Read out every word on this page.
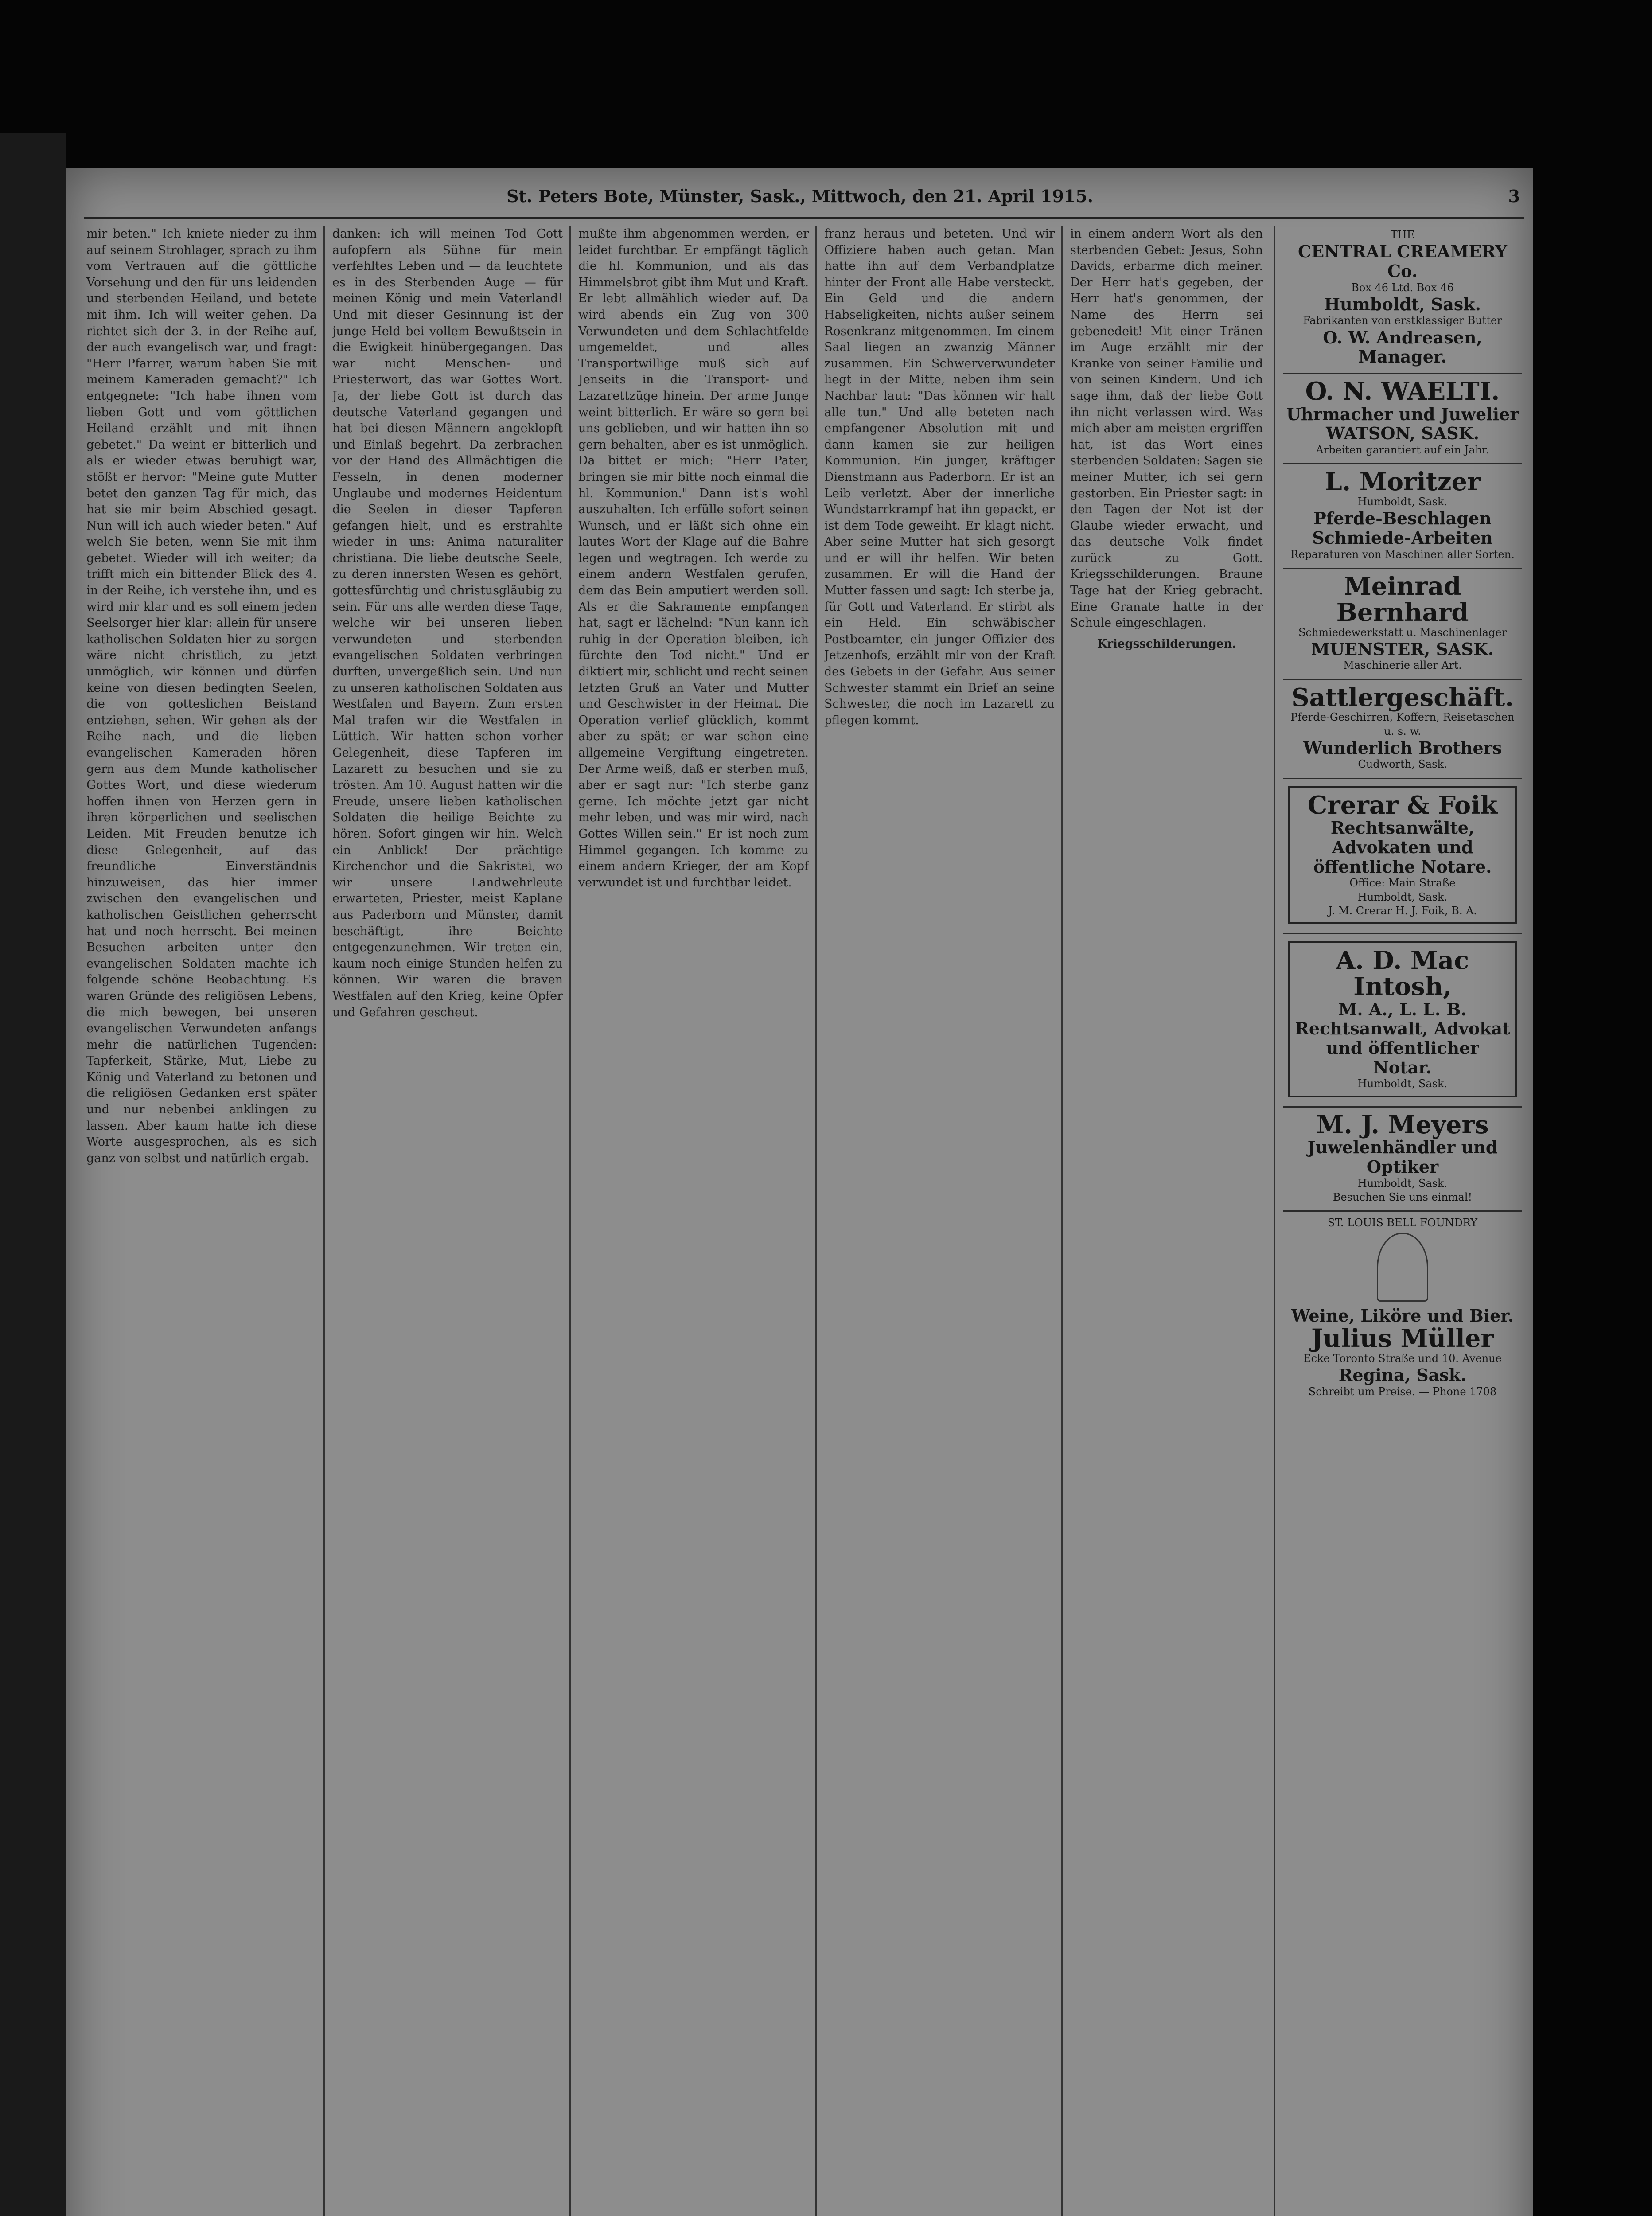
St. Peters Bote, Münster, Sask., Mittwoch, den 21. April 1915.	3

mir beten." Ich kniete nieder zu ihm auf seinem Strohlager, sprach zu ihm vom Vertrauen auf die göttliche Vorsehung und den für uns leidenden und sterbenden Heiland, und betete mit ihm. Ich will weiter gehen. Da richtet sich der 3. in der Reihe auf, der auch evangelisch war, und fragt: "Herr Pfarrer, warum haben Sie mit meinem Kameraden gemacht?" Ich entgegnete: "Ich habe ihnen vom lieben Gott und vom göttlichen Heiland erzählt und mit ihnen gebetet." Da weint er bitterlich und als er wieder etwas beruhigt war, stößt er hervor: "Meine gute Mutter betet den ganzen Tag für mich, das hat sie mir beim Abschied gesagt. Nun will ich auch wieder beten." Auf welch Sie beten, wenn Sie mit ihm gebetet. Wieder will ich weiter; da trifft mich ein bittender Blick des 4. in der Reihe, ich verstehe ihn, und es wird mir klar und es soll einem jeden Seelsorger hier klar: allein für unsere katholischen Soldaten hier zu sorgen wäre nicht christlich, zu jetzt unmöglich, wir können und dürfen keine von diesen bedingten Seelen, die von gotteslichen Beistand entziehen, sehen. Wir gehen als der Reihe nach, und die lieben evangelischen Kameraden hören gern aus dem Munde katholischer Gottes Wort, und diese wiederum hoffen ihnen von Herzen gern in ihren körperlichen und seelischen Leiden. Mit Freuden benutze ich diese Gelegenheit, auf das freundliche Einverständnis hinzuweisen, das hier immer zwischen den evangelischen und katholischen Geistlichen geherrscht hat und noch herrscht. Bei meinen Besuchen arbeiten unter den evangelischen Soldaten machte ich folgende schöne Beobachtung. Es waren Gründe des religiösen Lebens, die mich bewegen, bei unseren evangelischen Verwundeten anfangs mehr die natürlichen Tugenden: Tapferkeit, Stärke, Mut, Liebe zu König und Vaterland zu betonen und die religiösen Gedanken erst später und nur nebenbei anklingen zu lassen. Aber kaum hatte ich diese Worte ausgesprochen, als es sich ganz von selbst und natürlich ergab.

danken: ich will meinen Tod Gott aufopfern als Sühne für mein verfehltes Leben und — da leuchtete es in des Sterbenden Auge — für meinen König und mein Vaterland! Und mit dieser Gesinnung ist der junge Held bei vollem Bewußtsein in die Ewigkeit hinübergegangen. Das war nicht Menschen- und Priesterwort, das war Gottes Wort. Ja, der liebe Gott ist durch das deutsche Vaterland gegangen und hat bei diesen Männern angeklopft und Einlaß begehrt. Da zerbrachen vor der Hand des Allmächtigen die Fesseln, in denen moderner Unglaube und modernes Heidentum die Seelen in dieser Tapferen gefangen hielt, und es erstrahlte wieder in uns: Anima naturaliter christiana. Die liebe deutsche Seele, zu deren innersten Wesen es gehört, gottesfürchtig und christusgläubig zu sein. Für uns alle werden diese Tage, welche wir bei unseren lieben verwundeten und sterbenden evangelischen Soldaten verbringen durften, unvergeßlich sein. Und nun zu unseren katholischen Soldaten aus Westfalen und Bayern. Zum ersten Mal trafen wir die Westfalen in Lüttich. Wir hatten schon vorher Gelegenheit, diese Tapferen im Lazarett zu besuchen und sie zu trösten. Am 10. August hatten wir die Freude, unsere lieben katholischen Soldaten die heilige Beichte zu hören. Sofort gingen wir hin. Welch ein Anblick! Der prächtige Kirchenchor und die Sakristei, wo wir unsere Landwehrleute erwarteten, Priester, meist Kaplane aus Paderborn und Münster, damit beschäftigt, ihre Beichte entgegenzunehmen. Wir treten ein, kaum noch einige Stunden helfen zu können. Wir waren die braven Westfalen auf den Krieg, keine Opfer und Gefahren gescheut.

mußte ihm abgenommen werden, er leidet furchtbar. Er empfängt täglich die hl. Kommunion, und als das Himmelsbrot gibt ihm Mut und Kraft. Er lebt allmählich wieder auf. Da wird abends ein Zug von 300 Verwundeten und dem Schlachtfelde umgemeldet, und alles Transportwillige muß sich auf Jenseits in die Transport- und Lazarettzüge hinein. Der arme Junge weint bitterlich. Er wäre so gern bei uns geblieben, und wir hatten ihn so gern behalten, aber es ist unmöglich. Da bittet er mich: "Herr Pater, bringen sie mir bitte noch einmal die hl. Kommunion." Dann ist's wohl auszuhalten. Ich erfülle sofort seinen Wunsch, und er läßt sich ohne ein lautes Wort der Klage auf die Bahre legen und wegtragen. Ich werde zu einem andern Westfalen gerufen, dem das Bein amputiert werden soll. Als er die Sakramente empfangen hat, sagt er lächelnd: "Nun kann ich ruhig in der Operation bleiben, ich fürchte den Tod nicht." Und er diktiert mir, schlicht und recht seinen letzten Gruß an Vater und Mutter und Geschwister in der Heimat. Die Operation verlief glücklich, kommt aber zu spät; er war schon eine allgemeine Vergiftung eingetreten. Der Arme weiß, daß er sterben muß, aber er sagt nur: "Ich sterbe ganz gerne. Ich möchte jetzt gar nicht mehr leben, und was mir wird, nach Gottes Willen sein." Er ist noch zum Himmel gegangen. Ich komme zu einem andern Krieger, der am Kopf verwundet ist und furchtbar leidet.

franz heraus und beteten. Und wir Offiziere haben auch getan. Man hatte ihn auf dem Verbandplatze hinter der Front alle Habe versteckt. Ein Geld und die andern Habseligkeiten, nichts außer seinem Rosenkranz mitgenommen. Im einem Saal liegen an zwanzig Männer zusammen. Ein Schwerverwundeter liegt in der Mitte, neben ihm sein Nachbar laut: "Das können wir halt alle tun." Und alle beteten nach empfangener Absolution mit und dann kamen sie zur heiligen Kommunion. Ein junger, kräftiger Dienstmann aus Paderborn. Er ist an Leib verletzt. Aber der innerliche Wundstarrkrampf hat ihn gepackt, er ist dem Tode geweiht. Er klagt nicht. Aber seine Mutter hat sich gesorgt und er will ihr helfen. Wir beten zusammen. Er will die Hand der Mutter fassen und sagt: Ich sterbe ja, für Gott und Vaterland. Er stirbt als ein Held. Ein schwäbischer Postbeamter, ein junger Offizier des Jetzenhofs, erzählt mir von der Kraft des Gebets in der Gefahr. Aus seiner Schwester stammt ein Brief an seine Schwester, die noch im Lazarett zu pflegen kommt.

in einem andern Wort als den sterbenden Gebet: Jesus, Sohn Davids, erbarme dich meiner. Der Herr hat's gegeben, der Herr hat's genommen, der Name des Herrn sei gebenedeit! Mit einer Tränen im Auge erzählt mir der Kranke von seiner Familie und von seinen Kindern. Und ich sage ihm, daß der liebe Gott ihn nicht verlassen wird. Was mich aber am meisten ergriffen hat, ist das Wort eines sterbenden Soldaten: Sagen sie meiner Mutter, ich sei gern gestorben. Ein Priester sagt: in den Tagen der Not ist der Glaube wieder erwacht, und das deutsche Volk findet zurück zu Gott. Kriegsschilderungen. Braune Tage hat der Krieg gebracht. Eine Granate hatte in der Schule eingeschlagen.

Kriegsschilderungen.
THE
CENTRAL CREAMERY Co.
Box 46 Ltd. Box 46
Humboldt, Sask.
Fabrikanten von erstklassiger Butter
O. W. Andreasen, Manager.
O. N. WAELTI.
Uhrmacher und Juwelier
WATSON, SASK.
Arbeiten garantiert auf ein Jahr.
L. Moritzer
Humboldt, Sask.
Pferde-Beschlagen
Schmiede-Arbeiten
Reparaturen von Maschinen aller Sorten.
Meinrad Bernhard
Schmiedewerkstatt u. Maschinenlager
MUENSTER, SASK.
Maschinerie aller Art.
Sattlergeschäft.
Pferde-Geschirren, Koffern, Reisetaschen u. s. w.
Wunderlich Brothers
Cudworth, Sask.
Crerar & Foik
Rechtsanwälte, Advokaten und öffentliche Notare.
Office: Main Straße
Humboldt, Sask.
J. M. Crerar H. J. Foik, B. A.
A. D. Mac Intosh,
M. A., L. L. B.
Rechtsanwalt, Advokat und öffentlicher Notar.
Humboldt, Sask.
M. J. Meyers
Juwelenhändler und Optiker
Humboldt, Sask.
Besuchen Sie uns einmal!
ST. LOUIS BELL FOUNDRY
Weine, Liköre und Bier.
Julius Müller
Ecke Toronto Straße und 10. Avenue
Regina, Sask.
Schreibt um Preise. — Phone 1708
